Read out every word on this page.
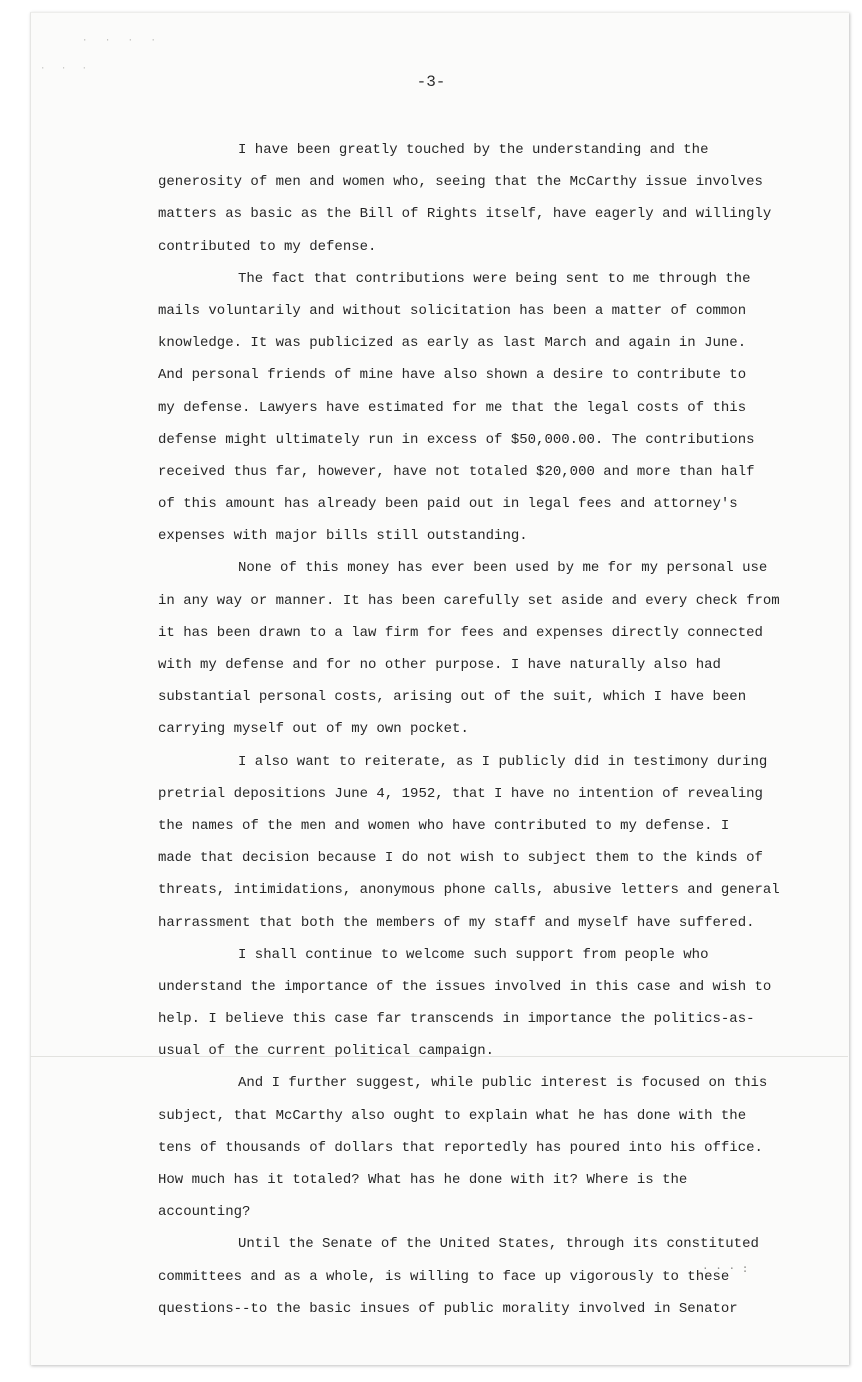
· · · ·
· · ·
-3-
I have been greatly touched by the understanding and the
generosity of men and women who, seeing that the McCarthy issue involves
matters as basic as the Bill of Rights itself, have eagerly and willingly
contributed to my defense.
The fact that contributions were being sent to me through the
mails voluntarily and without solicitation has been a matter of common
knowledge. It was publicized as early as last March and again in June.
And personal friends of mine have also shown a desire to contribute to
my defense. Lawyers have estimated for me that the legal costs of this
defense might ultimately run in excess of $50,000.00. The contributions
received thus far, however, have not totaled $20,000 and more than half
of this amount has already been paid out in legal fees and attorney's
expenses with major bills still outstanding.
None of this money has ever been used by me for my personal use
in any way or manner. It has been carefully set aside and every check from
it has been drawn to a law firm for fees and expenses directly connected
with my defense and for no other purpose. I have naturally also had
substantial personal costs, arising out of the suit, which I have been
carrying myself out of my own pocket.
I also want to reiterate, as I publicly did in testimony during
pretrial depositions June 4, 1952, that I have no intention of revealing
the names of the men and women who have contributed to my defense. I
made that decision because I do not wish to subject them to the kinds of
threats, intimidations, anonymous phone calls, abusive letters and general
harrassment that both the members of my staff and myself have suffered.
I shall continue to welcome such support from people who
understand the importance of the issues involved in this case and wish to
help. I believe this case far transcends in importance the politics-as-
usual of the current political campaign.
And I further suggest, while public interest is focused on this
subject, that McCarthy also ought to explain what he has done with the
tens of thousands of dollars that reportedly has poured into his office.
How much has it totaled? What has he done with it? Where is the
accounting?
Until the Senate of the United States, through its constituted
committees and as a whole, is willing to face up vigorously to these
questions--to the basic insues of public morality involved in Senator
· · · :
